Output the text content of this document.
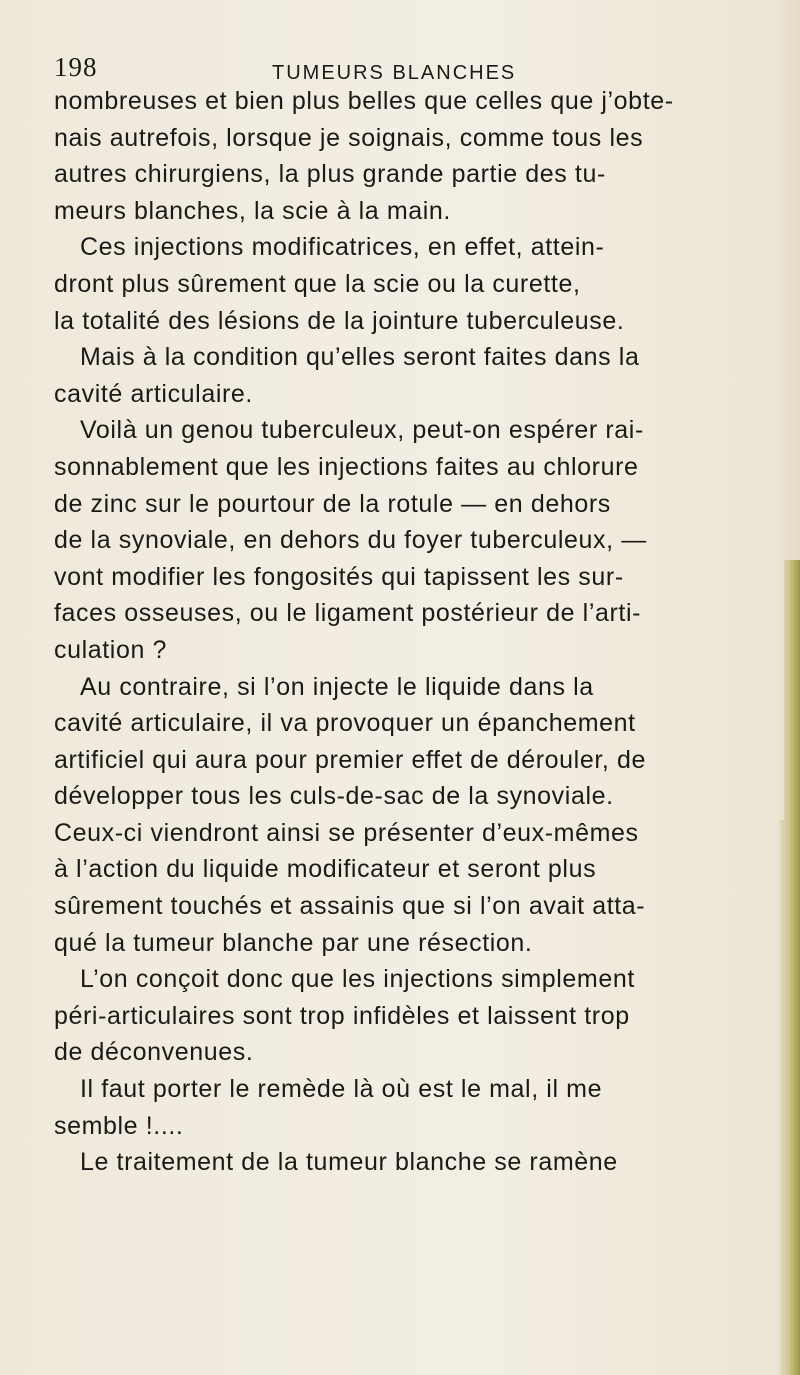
198	TUMEURS BLANCHES
nombreuses et bien plus belles que celles que j’obte-
nais autrefois, lorsque je soignais, comme tous les
autres chirurgiens, la plus grande partie des tu-
meurs blanches, la scie à la main.
Ces injections modificatrices, en effet, attein-
dront plus sûrement que la scie ou la curette,
la totalité des lésions de la jointure tuberculeuse.
Mais à la condition qu’elles seront faites dans la
cavité articulaire.
Voilà un genou tuberculeux, peut-on espérer rai-
sonnablement que les injections faites au chlorure
de zinc sur le pourtour de la rotule — en dehors
de la synoviale, en dehors du foyer tuberculeux, —
vont modifier les fongosités qui tapissent les sur-
faces osseuses, ou le ligament postérieur de l’arti-
culation ?
Au contraire, si l’on injecte le liquide dans la
cavité articulaire, il va provoquer un épanchement
artificiel qui aura pour premier effet de dérouler, de
développer tous les culs-de-sac de la synoviale.
Ceux-ci viendront ainsi se présenter d’eux-mêmes
à l’action du liquide modificateur et seront plus
sûrement touchés et assainis que si l’on avait atta-
qué la tumeur blanche par une résection.
L’on conçoit donc que les injections simplement
péri-articulaires sont trop infidèles et laissent trop
de déconvenues.
Il faut porter le remède là où est le mal, il me
semble !....
Le traitement de la tumeur blanche se ramène
